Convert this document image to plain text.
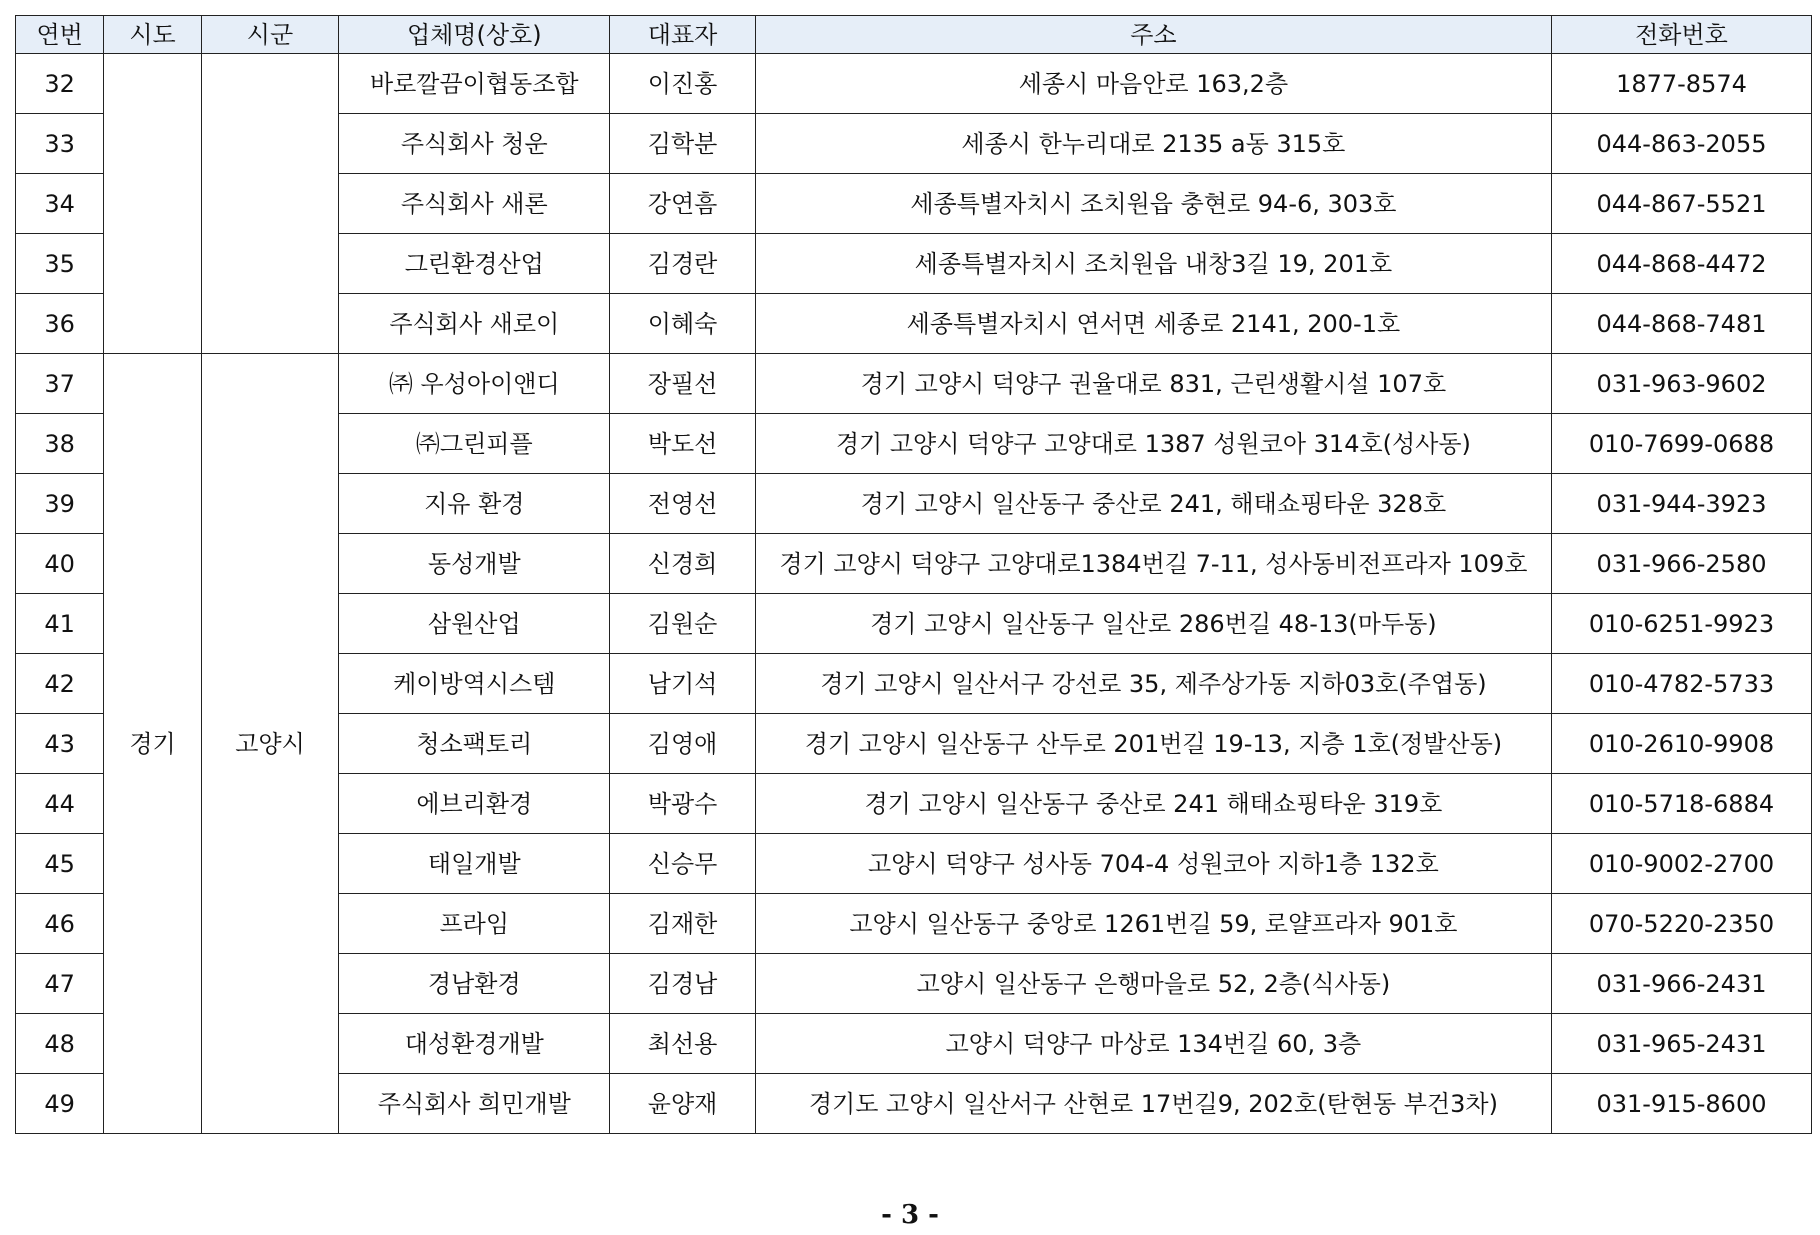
연번	시도	시군	업체명(상호)	대표자	주소	전화번호
32			바로깔끔이협동조합	이진홍	세종시 마음안로 163,2층	1877-8574
33			주식회사 청운	김학분	세종시 한누리대로 2135 a동 315호	044-863-2055
34			주식회사 새론	강연흠	세종특별자치시 조치원읍 충현로 94-6, 303호	044-867-5521
35			그린환경산업	김경란	세종특별자치시 조치원읍 내창3길 19, 201호	044-868-4472
36			주식회사 새로이	이혜숙	세종특별자치시 연서면 세종로 2141, 200-1호	044-868-7481
37	경기	고양시	㈜ 우성아이앤디	장필선	경기 고양시 덕양구 권율대로 831, 근린생활시설 107호	031-963-9602
38			㈜그린피플	박도선	경기 고양시 덕양구 고양대로 1387 성원코아 314호(성사동)	010-7699-0688
39			지유 환경	전영선	경기 고양시 일산동구 중산로 241, 해태쇼핑타운 328호	031-944-3923
40			동성개발	신경희	경기 고양시 덕양구 고양대로1384번길 7-11, 성사동비전프라자 109호	031-966-2580
41			삼원산업	김원순	경기 고양시 일산동구 일산로 286번길 48-13(마두동)	010-6251-9923
42			케이방역시스템	남기석	경기 고양시 일산서구 강선로 35, 제주상가동 지하03호(주엽동)	010-4782-5733
43			청소팩토리	김영애	경기 고양시 일산동구 산두로 201번길 19-13, 지층 1호(정발산동)	010-2610-9908
44			에브리환경	박광수	경기 고양시 일산동구 중산로 241 해태쇼핑타운 319호	010-5718-6884
45			태일개발	신승무	고양시 덕양구 성사동 704-4 성원코아 지하1층 132호	010-9002-2700
46			프라임	김재한	고양시 일산동구 중앙로 1261번길 59, 로얄프라자 901호	070-5220-2350
47			경남환경	김경남	고양시 일산동구 은행마을로 52, 2층(식사동)	031-966-2431
48			대성환경개발	최선용	고양시 덕양구 마상로 134번길 60, 3층	031-965-2431
49			주식회사 희민개발	윤양재	경기도 고양시 일산서구 산현로 17번길9, 202호(탄현동 부건3차)	031-915-8600
- 3 -
